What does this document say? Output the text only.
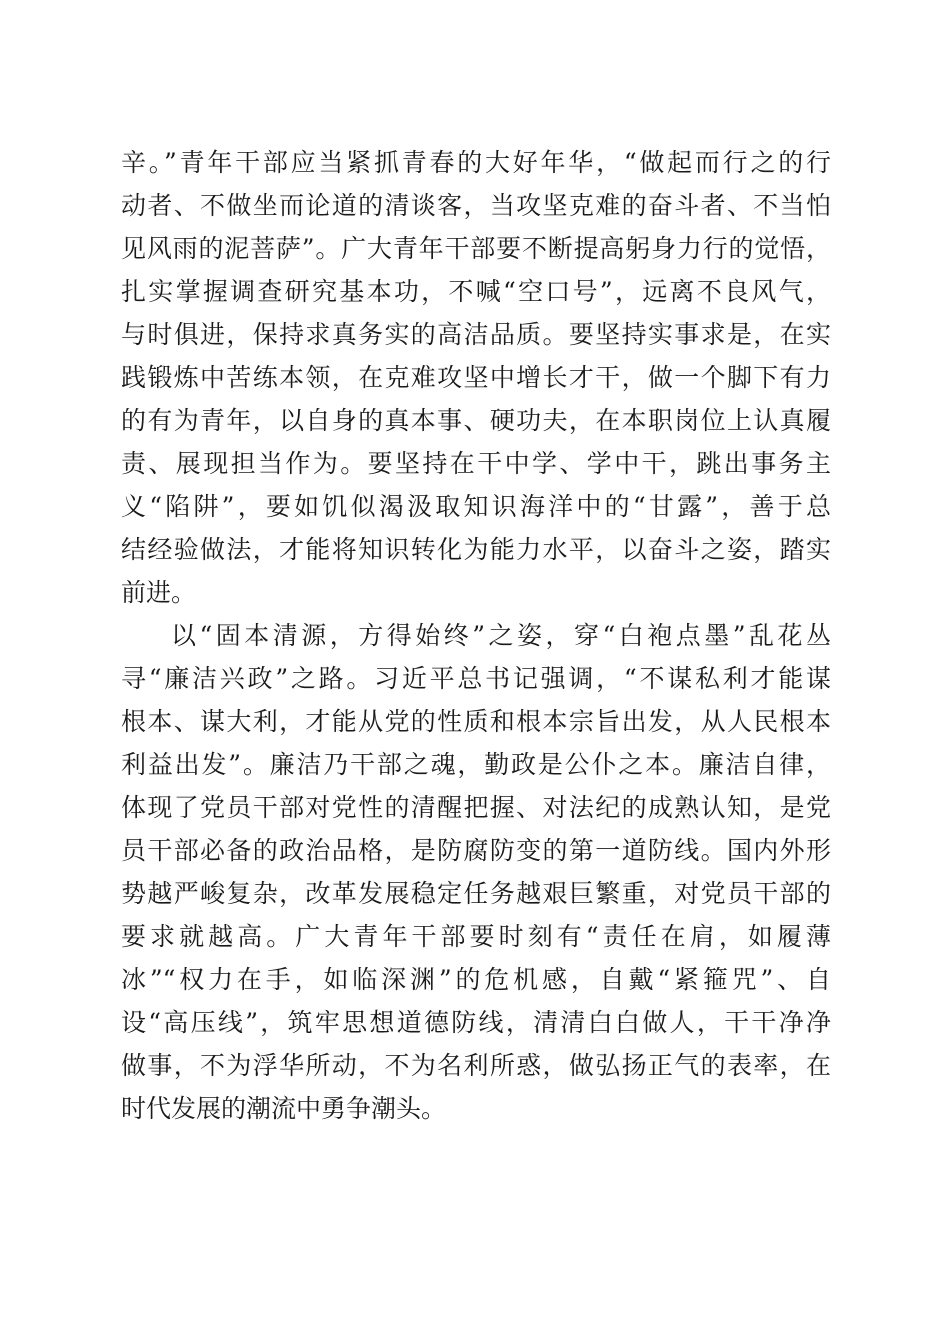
辛。”青年干部应当紧抓青春的大好年华，“做起而行之的行
动者、不做坐而论道的清谈客，当攻坚克难的奋斗者、不当怕
见风雨的泥菩萨”。广大青年干部要不断提高躬身力行的觉悟，
扎实掌握调查研究基本功，不喊“空口号”，远离不良风气，
与时俱进，保持求真务实的高洁品质。要坚持实事求是，在实
践锻炼中苦练本领，在克难攻坚中增长才干，做一个脚下有力
的有为青年，以自身的真本事、硬功夫，在本职岗位上认真履
责、展现担当作为。要坚持在干中学、学中干，跳出事务主
义“陷阱”，要如饥似渴汲取知识海洋中的“甘露”，善于总
结经验做法，才能将知识转化为能力水平，以奋斗之姿，踏实
前进。
以“固本清源，方得始终”之姿，穿“白袍点墨”乱花丛
寻“廉洁兴政”之路。习近平总书记强调，“不谋私利才能谋
根本、谋大利，才能从党的性质和根本宗旨出发，从人民根本
利益出发”。廉洁乃干部之魂，勤政是公仆之本。廉洁自律，
体现了党员干部对党性的清醒把握、对法纪的成熟认知，是党
员干部必备的政治品格，是防腐防变的第一道防线。国内外形
势越严峻复杂，改革发展稳定任务越艰巨繁重，对党员干部的
要求就越高。广大青年干部要时刻有“责任在肩，如履薄
冰”“权力在手，如临深渊”的危机感，自戴“紧箍咒”、自
设“高压线”，筑牢思想道德防线，清清白白做人，干干净净
做事，不为浮华所动，不为名利所惑，做弘扬正气的表率，在
时代发展的潮流中勇争潮头。
